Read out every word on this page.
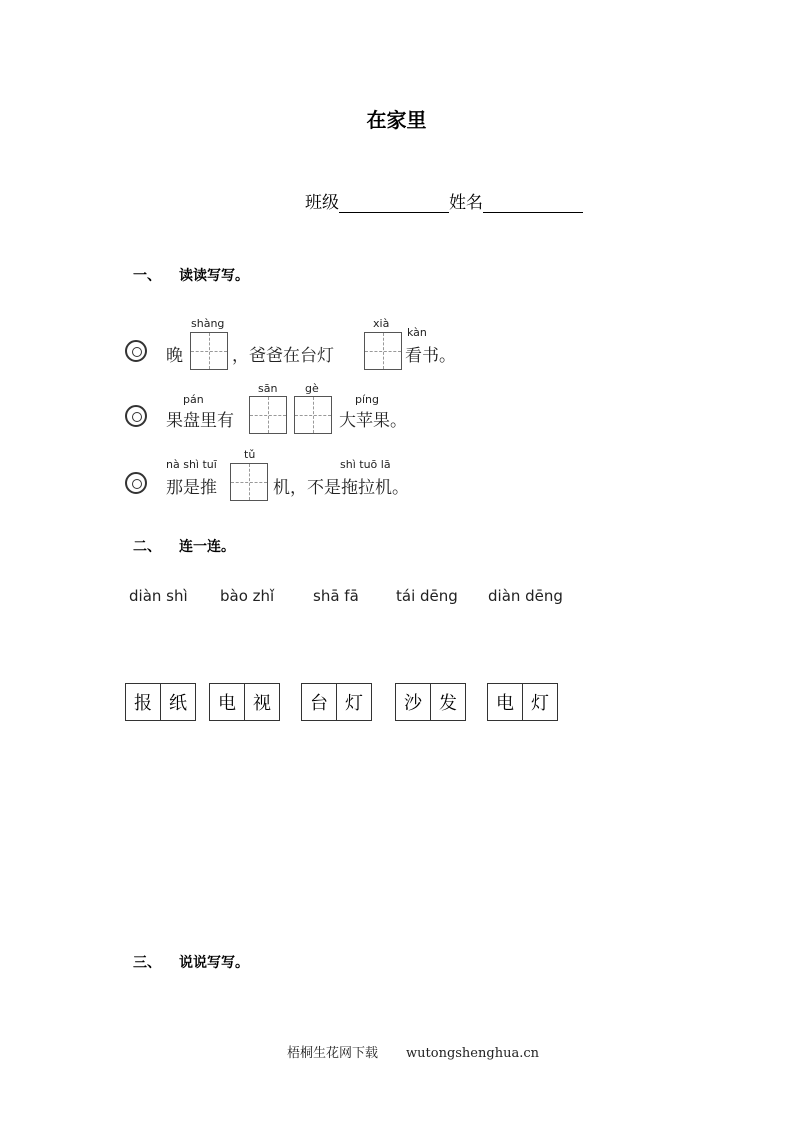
在家里
班级	姓名
一、 读读写写。
晚
shàng
，爸爸在台灯
xià
kàn
看书。
pán
果盘里有
sān	gè
píng
大苹果。
nà shì tuī
那是推
tǔ
shì tuō lā
机，不是拖拉机。
二、 连一连。
diàn shì bào zhǐ	shā fā tái dēng diàn dēng
报 纸	电 视	台 灯	沙 发	电 灯
三、 说说写写。
梧桐生花网下载 wutongshenghua.cn
